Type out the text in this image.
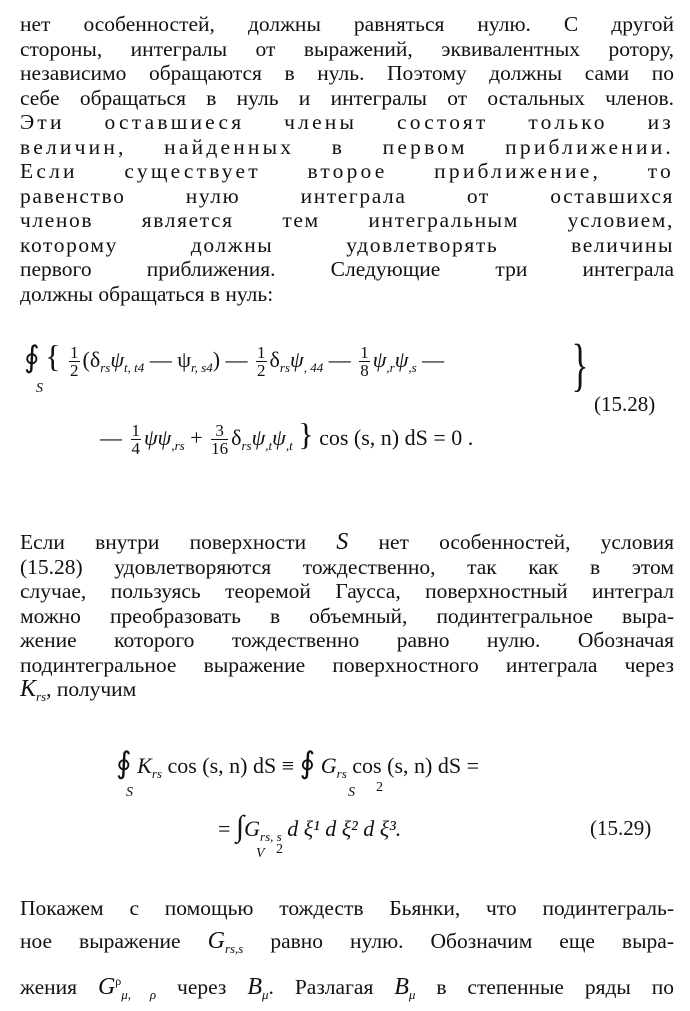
нет особенностей, должны равняться нулю. С другой
стороны, интегралы от выражений, эквивалентных ротору,
независимо обращаются в нуль. Поэтому должны сами по
себе обращаться в нуль и интегралы от остальных членов.
Эти оставшиеся члены состоят только из
величин, найденных в первом приближении.
Если существует второе приближение, то
равенство нулю интеграла от оставшихся
членов является тем интегральным условием,
которому должны удовлетворять величины
первого приближения. Следующие три интеграла
должны обращаться в нуль:
∮ { $\frac{1}{2} (\delta_{rs}\psi_{t, t4}$ — $\psi_{r, s4}$) — $\frac{1}{2} \delta_{rs}\psi_{, 44}$ — $\frac{1}{8} \psi_{,r}\psi_{,s}$ —
S
— $\frac{1}{4} \psi\psi_{,rs} + \frac{3}{16} \delta_{rs}\psi_{,t}\psi_{,t}$ } cos (s, n) dS = 0 .
}
(15.28)
Если внутри поверхности S нет особенностей, условия
(15.28) удовлетворяются тождественно, так как в этом
случае, пользуясь теоремой Гаусса, поверхностный интеграл
можно преобразовать в объемный, подинтегральное выра-
жение которого тождественно равно нулю. Обозначая
подинтегральное выражение поверхностного интеграла через
$K_{rs}$, получим
∮ $K_{rs}$ cos (s, n) dS ≡ ∮ $G_{rs}$ cos (s, n) dS =
S	S 2
= $\int G_{rs, s}$ d ξ¹ d ξ² d ξ³.
V 2
(15.29)
Покажем с помощью тождеств Бьянки, что подинтеграль-
ное выражение $G_{rs,s}$ равно нулю. Обозначим еще выра-
жения $G^\rho_{\mu, \rho}$ через $B_\mu$. Разлагая $B_\mu$ в степенные ряды по
